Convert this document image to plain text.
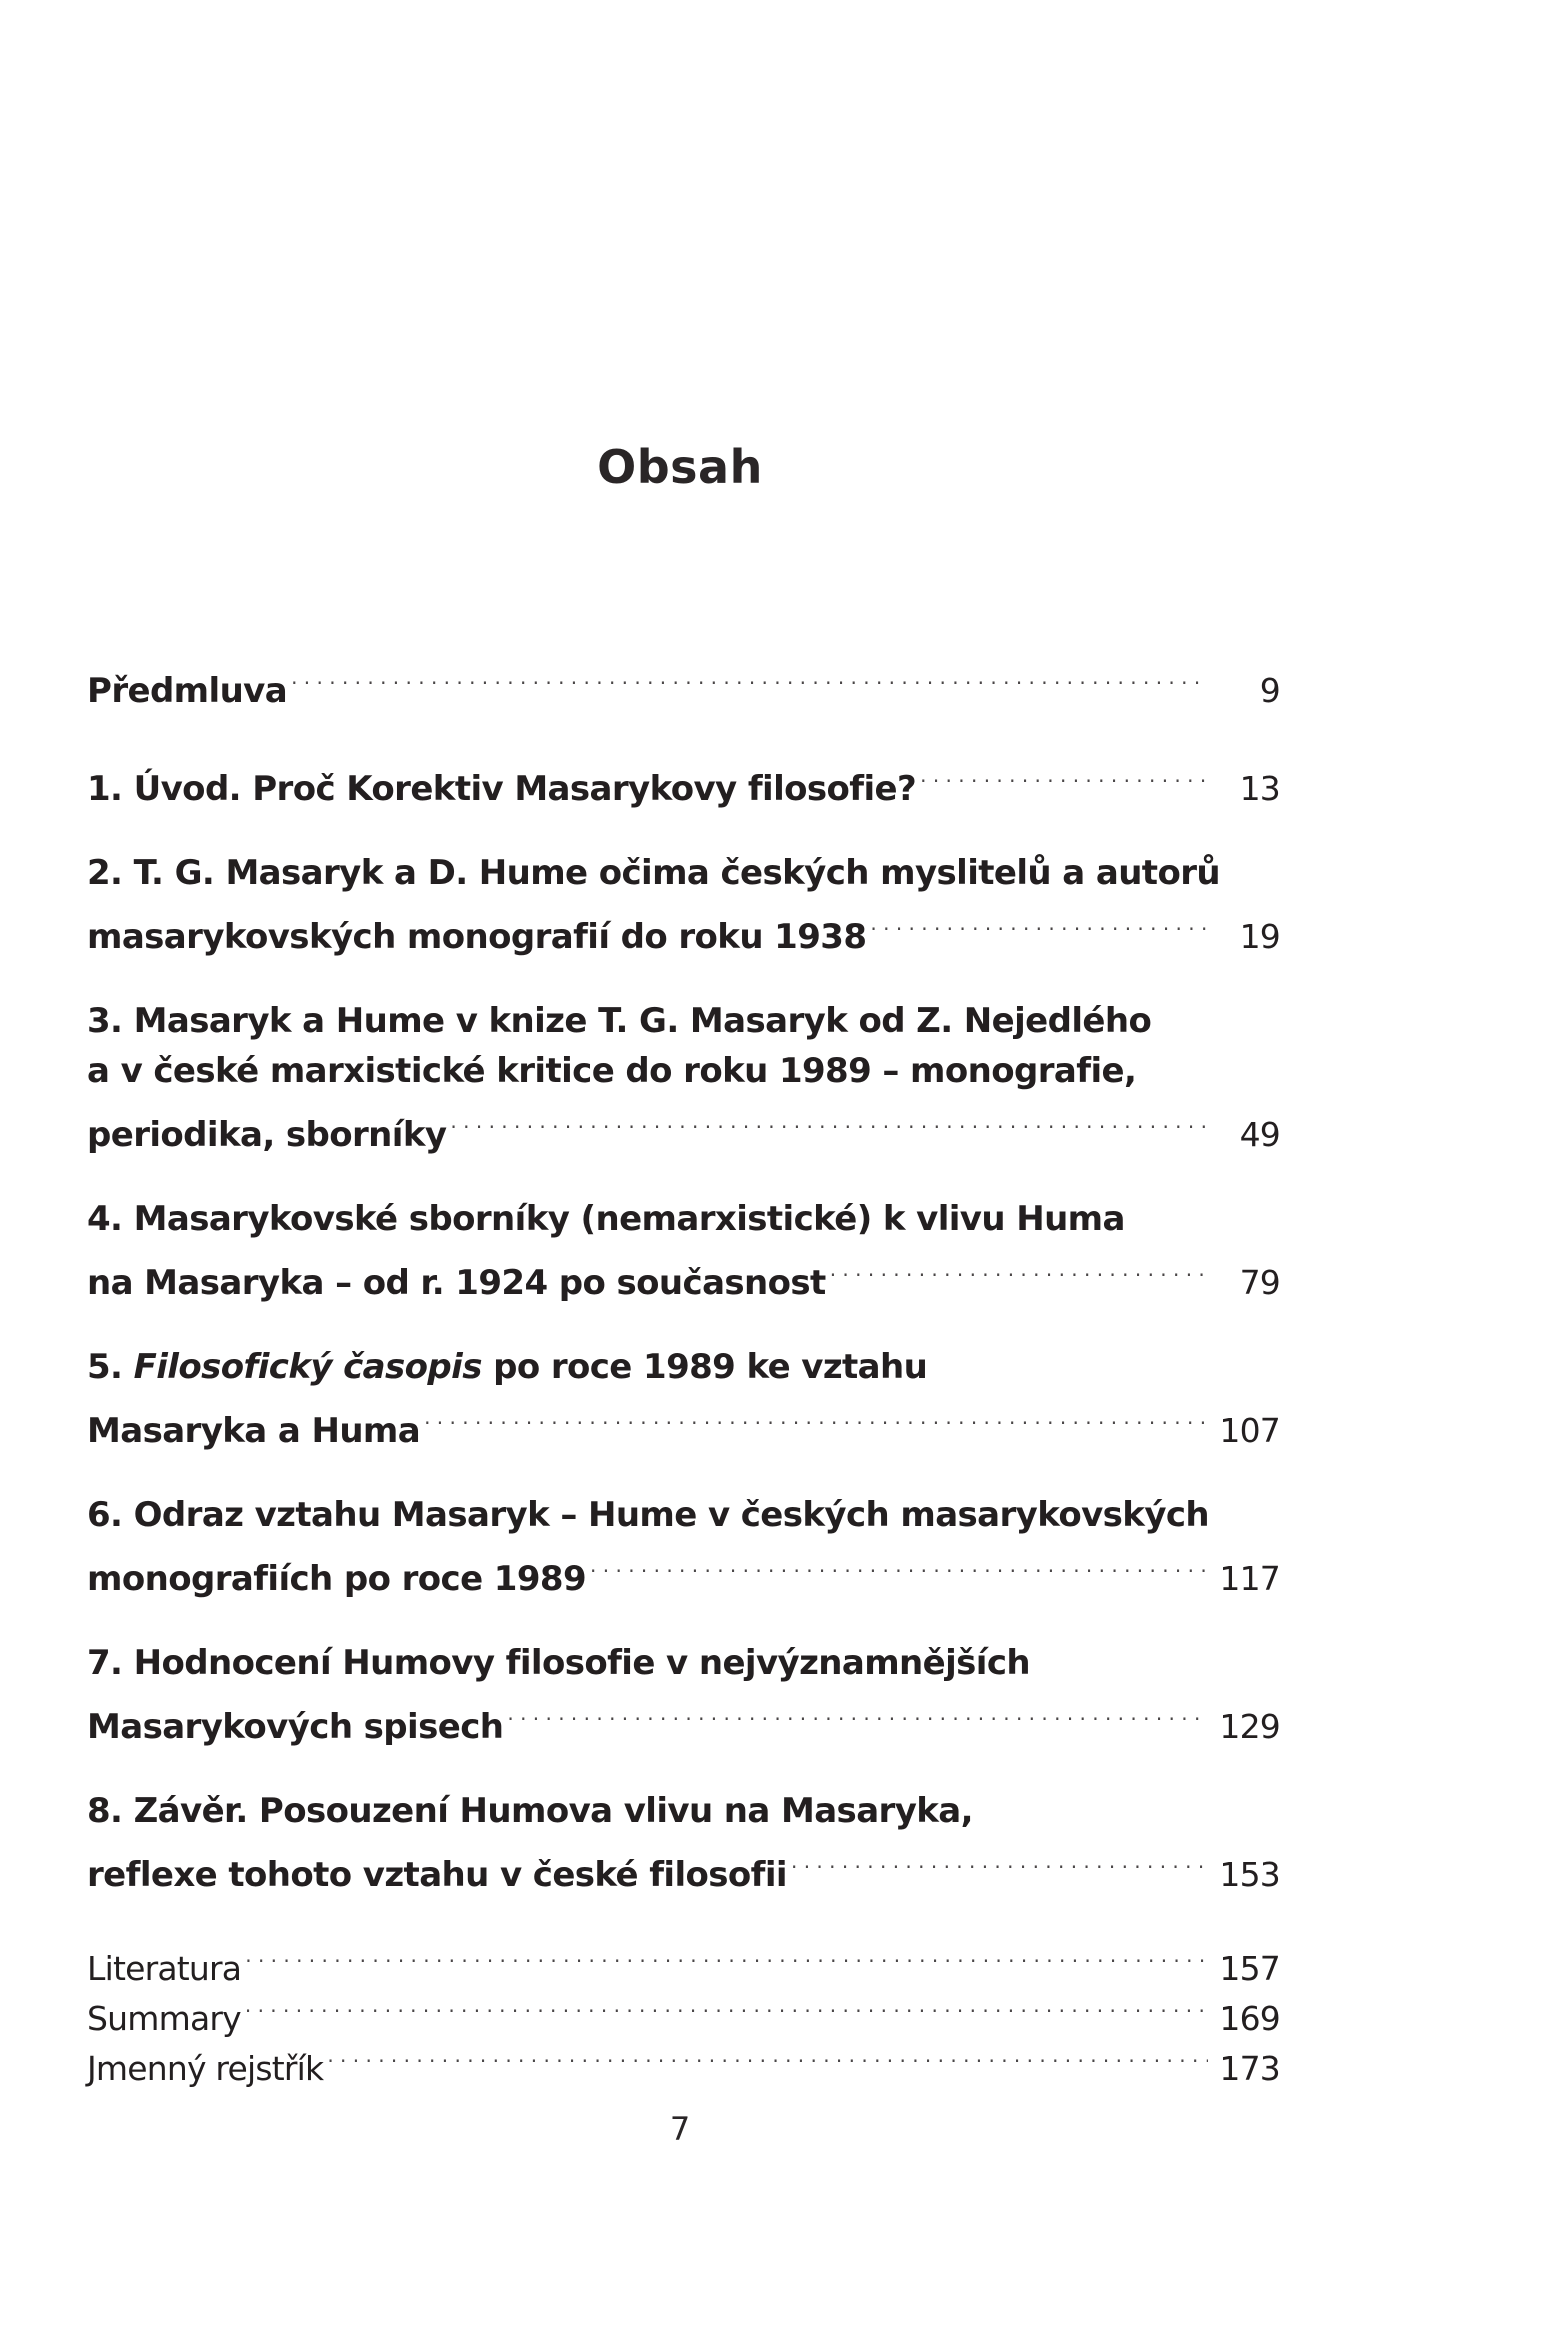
Obsah
Předmluva . . .	9
1. Úvod. Proč Korektiv Masarykovy filosofie? . . .	13
2. T. G. Masaryk a D. Hume očima českých myslitelů a autorů
masarykovských monografií do roku 1938 . . .	19
3. Masaryk a Hume v knize T. G. Masaryk od Z. Nejedlého
a v české marxistické kritice do roku 1989 – monografie,
periodika, sborníky . . .	49
4. Masarykovské sborníky (nemarxistické) k vlivu Huma
na Masaryka – od r. 1924 po současnost . . .	79
5. Filosofický časopis po roce 1989 ke vztahu
Masaryka a Huma . . .	107
6. Odraz vztahu Masaryk – Hume v českých masarykovských
monografiích po roce 1989 . . .	117
7. Hodnocení Humovy filosofie v nejvýznamnějších
Masarykových spisech . . .	129
8. Závěr. Posouzení Humova vlivu na Masaryka,
reflexe tohoto vztahu v české filosofii . . .	153
Literatura . . .	157
Summary . . .	169
Jmenný rejstřík . . .	173
7
